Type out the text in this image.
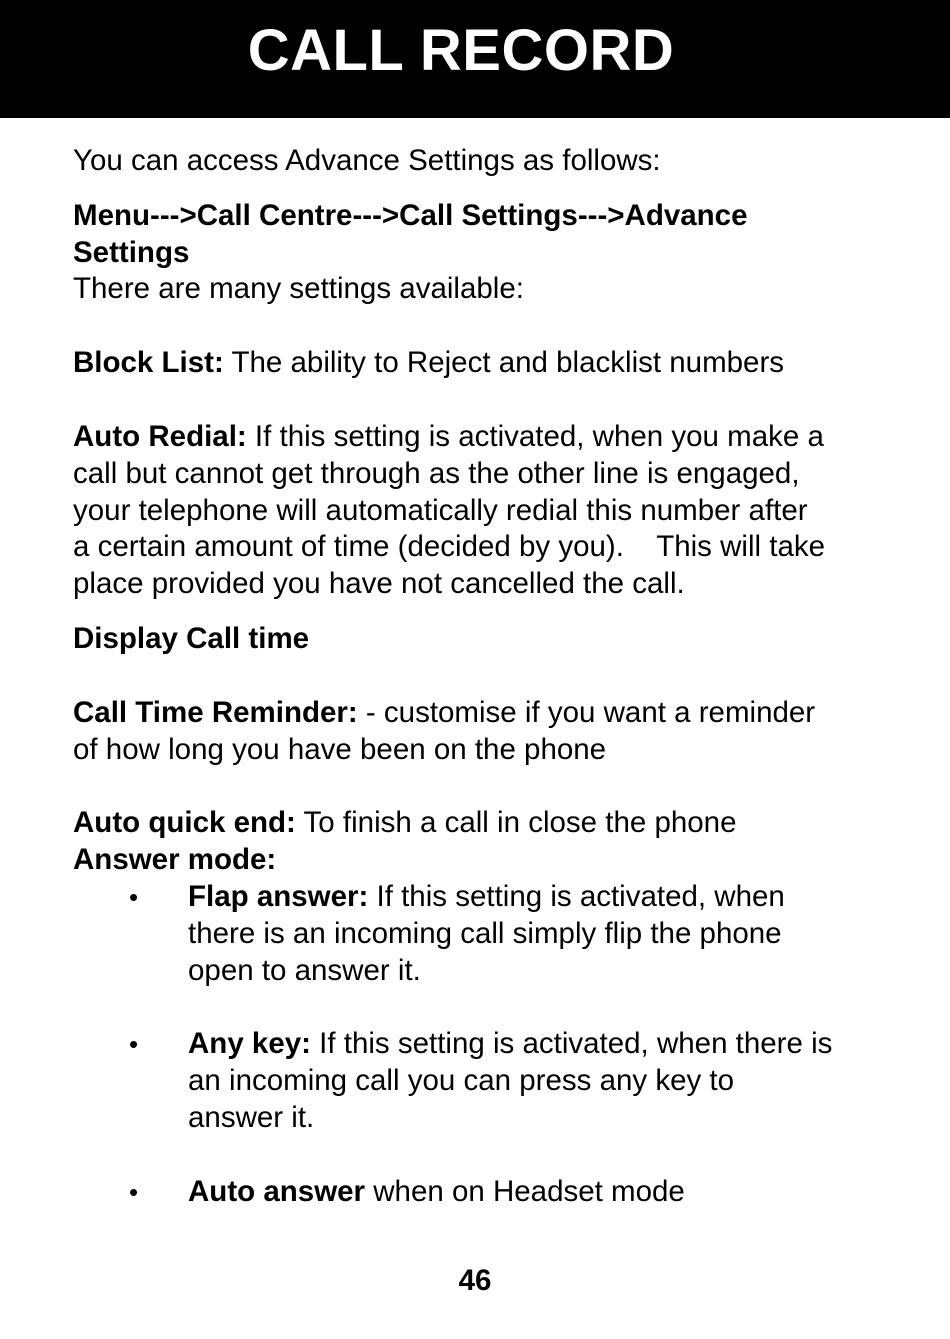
CALL RECORD

You can access Advance Settings as follows:

Menu--->Call Centre--->Call Settings--->Advance
Settings

There are many settings available:

Block List: The ability to Reject and blacklist numbers

Auto Redial: If this setting is activated, when you make a
call but cannot get through as the other line is engaged,
your telephone will automatically redial this number after
a certain amount of time (decided by you).    This will take
place provided you have not cancelled the call.

Display Call time

Call Time Reminder: - customise if you want a reminder
of how long you have been on the phone

Auto quick end: To finish a call in close the phone

Answer mode:

• Flap answer: If this setting is activated, when
there is an incoming call simply flip the phone
open to answer it.
• Any key: If this setting is activated, when there is
an incoming call you can press any key to
answer it.
• Auto answer when on Headset mode
46
